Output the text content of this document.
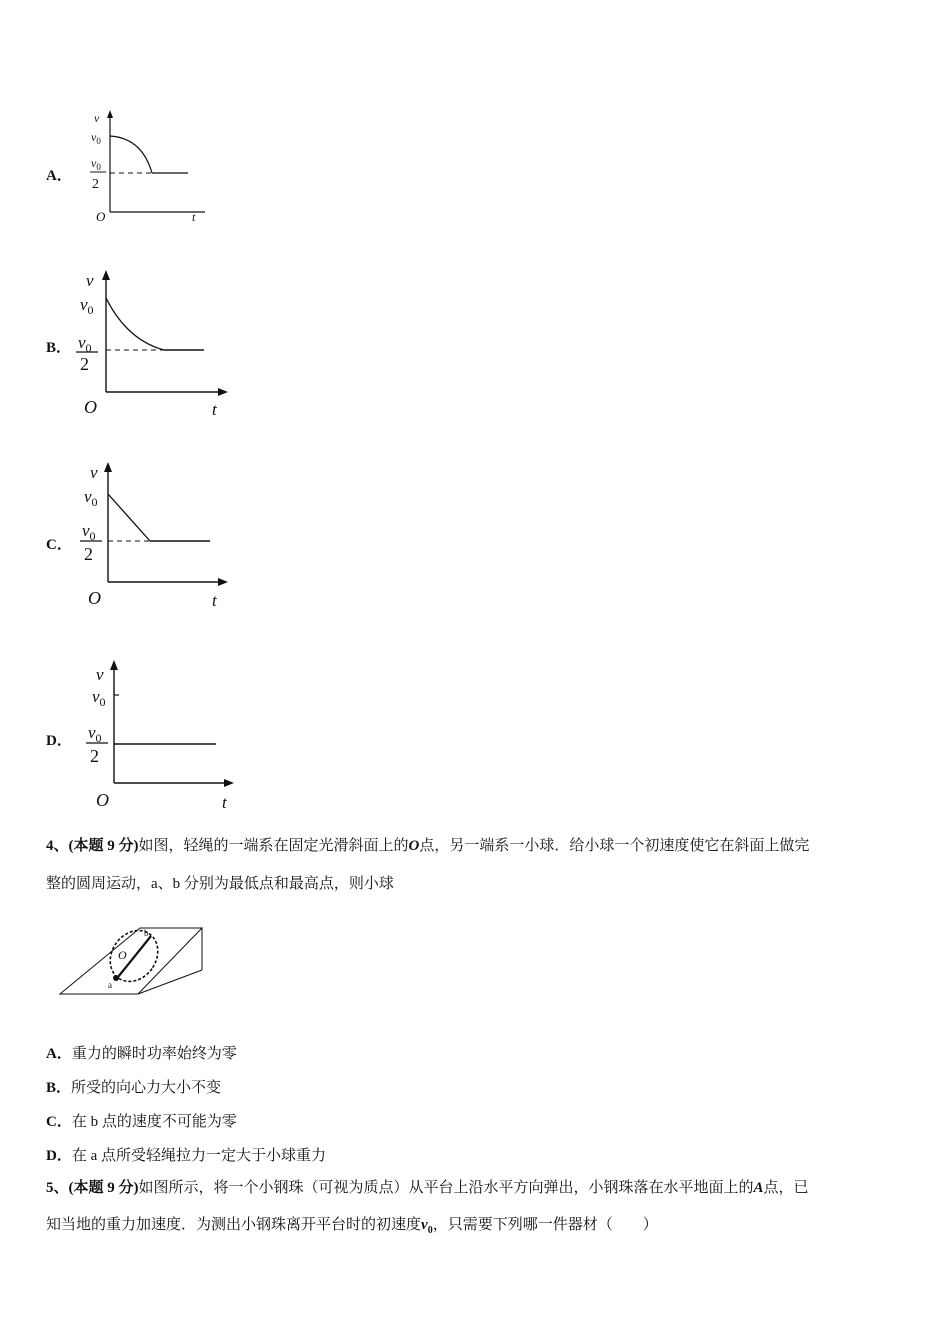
A．
v
$v_0$
$v_0$
2
O	t
B．
v
$v_0$
$v_0$
2
O	t
C．
v
$v_0$
$v_0$
2
O	t
D．
v
$v_0$
$v_0$
2
O	t
4、(本题 9 分)如图，轻绳的一端系在固定光滑斜面上的O点，另一端系一小球．给小球一个初速度使它在斜面上做完
整的圆周运动，a、b 分别为最低点和最高点，则小球
b
O
a
A．重力的瞬时功率始终为零
B．所受的向心力大小不变
C．在 b 点的速度不可能为零
D．在 a 点所受轻绳拉力一定大于小球重力
5、(本题 9 分)如图所示，将一个小钢珠（可视为质点）从平台上沿水平方向弹出，小钢珠落在水平地面上的A点，已
知当地的重力加速度．为测出小钢珠离开平台时的初速度$v_0$，只需要下列哪一件器材（　　）
